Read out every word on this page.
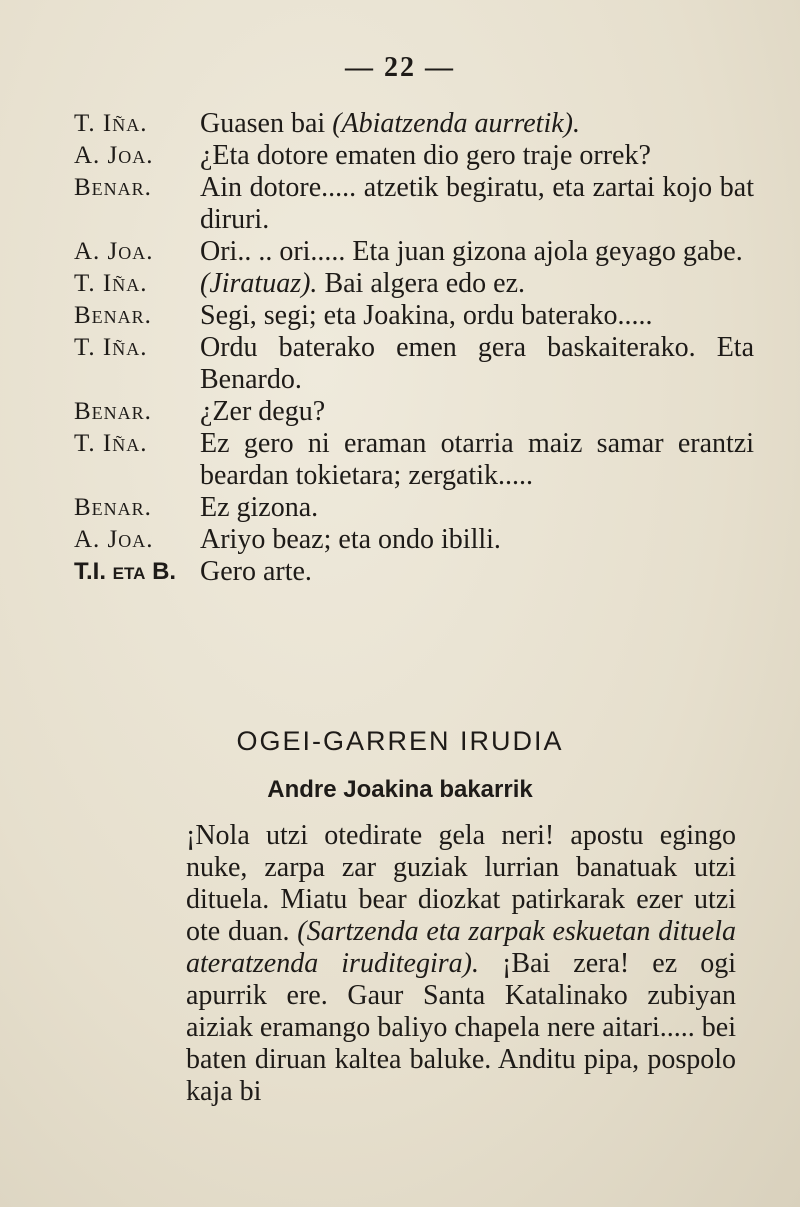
— 22 —
T. Iña.	Guasen bai (Abiatzenda aurretik).
A. Joa.	¿Eta dotore ematen dio gero traje orrek?
Benar.	Ain dotore..... atzetik begiratu, eta zartai kojo bat diruri.
A. Joa.	Ori.. .. ori..... Eta juan gizona ajola geyago gabe.
T. Iña.	(Jiratuaz). Bai algera edo ez.
Benar.	Segi, segi; eta Joakina, ordu baterako.....
T. Iña.	Ordu baterako emen gera baskaiterako. Eta Benardo.
Benar.	¿Zer degu?
T. Iña.	Ez gero ni eraman otarria maiz samar erantzi beardan tokietara; zergatik.....
Benar.	Ez gizona.
A. Joa.	Ariyo beaz; eta ondo ibilli.
T.I. eta B. Gero arte.
OGEI-GARREN IRUDIA
Andre Joakina bakarrik
¡Nola utzi otedirate gela neri! apostu egingo nuke, zarpa zar guziak lurrian banatuak utzi dituela. Miatu bear diozkat patirkarak ezer utzi ote duan. (Sartzenda eta zarpak eskuetan dituela ateratzenda iruditegira). ¡Bai zera! ez ogi apurrik ere. Gaur Santa Katalinako zubiyan aiziak eramango baliyo chapela nere aitari..... bei baten diruan kaltea baluke. Anditu pipa, pospolo kaja bi
